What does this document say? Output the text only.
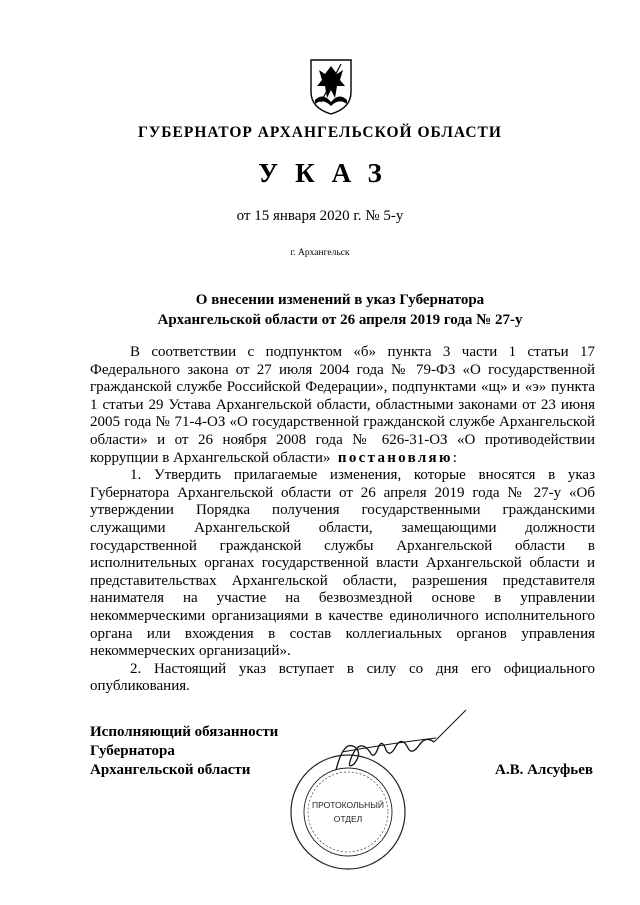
ГУБЕРНАТОР АРХАНГЕЛЬСКОЙ ОБЛАСТИ
УКАЗ
от 15 января 2020 г. № 5-у
г. Архангельск
О внесении изменений в указ Губернатора
Архангельской области от 26 апреля 2019 года № 27-у

В соответствии с подпунктом «б» пункта 3 части 1 статьи 17 Федерального закона от 27 июля 2004 года № 79-ФЗ «О государственной гражданской службе Российской Федерации», подпунктами «щ» и «э» пункта 1 статьи 29 Устава Архангельской области, областными законами от 23 июня 2005 года № 71-4-ОЗ «О государственной гражданской службе Архангельской области» и от 26 ноября 2008 года № 626-31-ОЗ «О противодействии коррупции в Архангельской области» постановляю:

1. Утвердить прилагаемые изменения, которые вносятся в указ Губернатора Архангельской области от 26 апреля 2019 года № 27-у «Об утверждении Порядка получения государственными гражданскими служащими Архангельской области, замещающими должности государственной гражданской службы Архангельской области в исполнительных органах государственной власти Архангельской области и представительствах Архангельской области, разрешения представителя нанимателя на участие на безвозмездной основе в управлении некоммерческими организациями в качестве единоличного исполнительного органа или вхождения в состав коллегиальных органов управления некоммерческих организаций».

2. Настоящий указ вступает в силу со дня его официального опубликования.

Исполняющий обязанности
Губернатора
Архангельской области
ПРОТОКОЛЬНЫЙ
ОТДЕЛ
А.В. Алсуфьев
